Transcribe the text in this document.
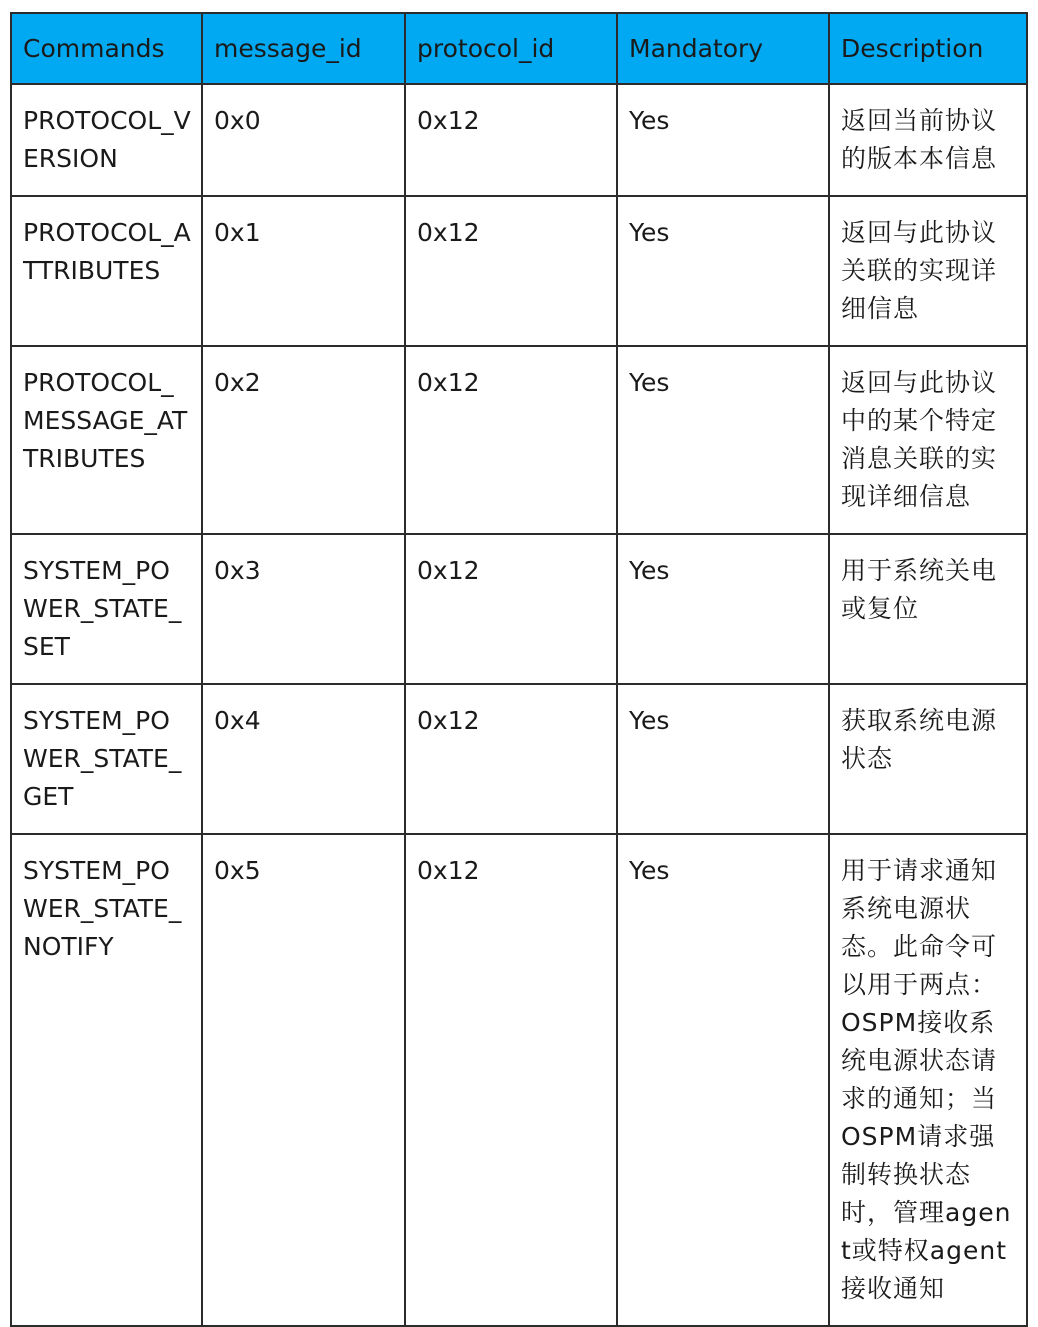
Commands	message_id	protocol_id	Mandatory	Description
PROTOCOL_VERSION	0x0	0x12	Yes	返回当前协议的版本本信息
PROTOCOL_ATTRIBUTES	0x1	0x12	Yes	返回与此协议关联的实现详细信息
PROTOCOL_MESSAGE_ATTRIBUTES	0x2	0x12	Yes	返回与此协议中的某个特定消息关联的实现详细信息
SYSTEM_POWER_STATE_SET	0x3	0x12	Yes	用于系统关电或复位
SYSTEM_POWER_STATE_GET	0x4	0x12	Yes	获取系统电源状态
SYSTEM_POWER_STATE_NOTIFY	0x5	0x12	Yes	用于请求通知系统电源状态。此命令可以用于两点：OSPM接收系统电源状态请求的通知；当OSPM请求强制转换状态时，管理agent或特权agent接收通知
